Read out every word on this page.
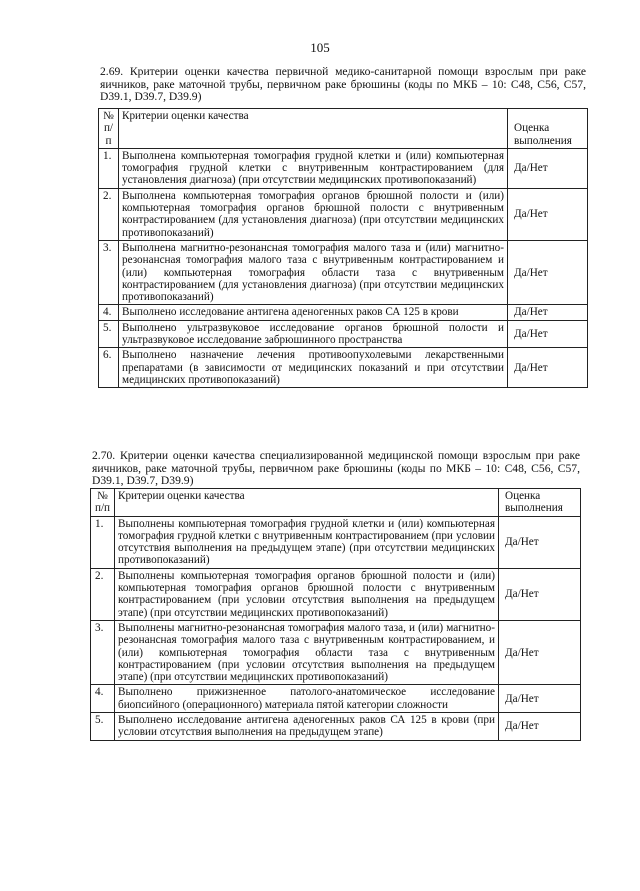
105
2.69. Критерии оценки качества первичной медико-санитарной помощи взрослым при раке яичников, раке маточной трубы, первичном раке брюшины (коды по МКБ – 10: С48, С56, С57, D39.1, D39.7, D39.9)
№ п/п	Критерии оценки качества	Оценка
выполнения
1.	Выполнена компьютерная томография грудной клетки и (или) компьютерная томография грудной клетки с внутривенным контрастированием (для установления диагноза) (при отсутствии медицинских противопоказаний)	Да/Нет
2.	Выполнена компьютерная томография органов брюшной полости и (или) компьютерная томография органов брюшной полости с внутривенным контрастированием (для установления диагноза) (при отсутствии медицинских противопоказаний)	Да/Нет
3.	Выполнена магнитно-резонансная томография малого таза и (или) магнитно-резонансная томография малого таза с внутривенным контрастированием и (или) компьютерная томография области таза с внутривенным контрастированием (для установления диагноза) (при отсутствии медицинских противопоказаний)	Да/Нет
4.	Выполнено исследование антигена аденогенных раков СА 125 в крови	Да/Нет
5.	Выполнено ультразвуковое исследование органов брюшной полости и ультразвуковое исследование забрюшинного пространства	Да/Нет
6.	Выполнено назначение лечения противоопухолевыми лекарственными препаратами (в зависимости от медицинских показаний и при отсутствии медицинских противопоказаний)	Да/Нет
2.70. Критерии оценки качества специализированной медицинской помощи взрослым при раке яичников, раке маточной трубы, первичном раке брюшины (коды по МКБ – 10: С48, С56, С57, D39.1, D39.7, D39.9)
№ п/п	Критерии оценки качества	Оценка
выполнения
1.	Выполнены компьютерная томография грудной клетки и (или) компьютерная томография грудной клетки с внутривенным контрастированием (при условии отсутствия выполнения на предыдущем этапе) (при отсутствии медицинских противопоказаний)	Да/Нет
2.	Выполнены компьютерная томография органов брюшной полости и (или) компьютерная томография органов брюшной полости с внутривенным контрастированием (при условии отсутствия выполнения на предыдущем этапе) (при отсутствии медицинских противопоказаний)	Да/Нет
3.	Выполнены магнитно-резонансная томография малого таза, и (или) магнитно-резонансная томография малого таза с внутривенным контрастированием, и (или) компьютерная томография области таза с внутривенным контрастированием (при условии отсутствия выполнения на предыдущем этапе) (при отсутствии медицинских противопоказаний)	Да/Нет
4.	Выполнено прижизненное патолого-анатомическое исследование биопсийного (операционного) материала пятой категории сложности	Да/Нет
5.	Выполнено исследование антигена аденогенных раков СА 125 в крови (при условии отсутствия выполнения на предыдущем этапе)	Да/Нет
